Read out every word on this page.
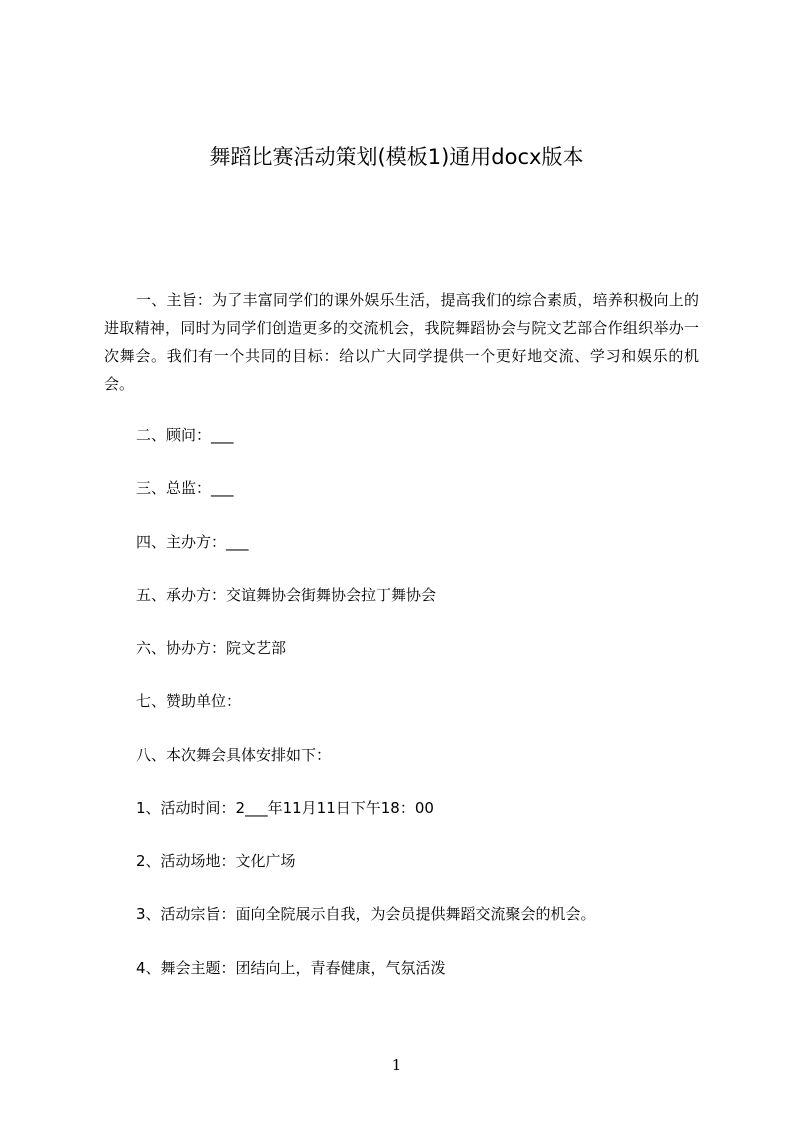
舞蹈比赛活动策划(模板1)通用docx版本
一、主旨：为了丰富同学们的课外娱乐生活，提高我们的综合素质，培养积极向上的进取精神，同时为同学们创造更多的交流机会，我院舞蹈协会与院文艺部合作组织举办一次舞会。我们有一个共同的目标：给以广大同学提供一个更好地交流、学习和娱乐的机会。
二、顾问：___
三、总监：___
四、主办方：___
五、承办方：交谊舞协会街舞协会拉丁舞协会
六、协办方：院文艺部
七、赞助单位：
八、本次舞会具体安排如下：
1、活动时间：2___年11月11日下午18：00
2、活动场地：文化广场
3、活动宗旨：面向全院展示自我，为会员提供舞蹈交流聚会的机会。
4、舞会主题：团结向上，青春健康，气氛活泼
1
